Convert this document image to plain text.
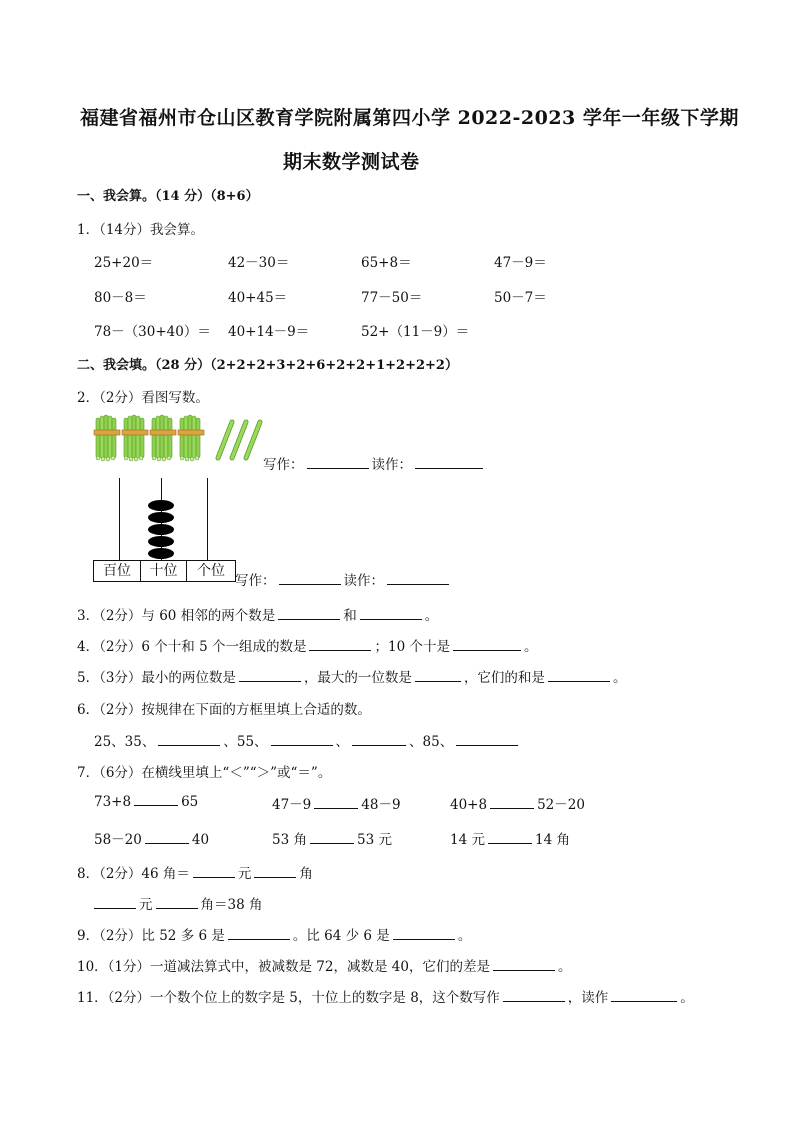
福建省福州市仓山区教育学院附属第四小学 2022-2023 学年一年级下学期
期末数学测试卷
一、我会算。（14 分）（8+6）
1．（14分）我会算。
25+20＝	42－30＝	65+8＝	47－9＝
80－8＝	40+45＝	77－50＝	50－7＝
78－（30+40）＝ 40+14－9＝	52+（11－9）＝
二、我会填。（28 分）（2+2+2+3+2+6+2+2+1+2+2+2）
2．（2分）看图写数。
写作：	读作：
百位	十位	个位
写作：	读作：
3．（2分）与 60 相邻的两个数是	和	。
4．（2分）6 个十和 5 个一组成的数是	；10 个十是	。
5．（3分）最小的两位数是	，最大的一位数是	，它们的和是	。
6．（2分）按规律在下面的方框里填上合适的数。
25、35、	、55、	、	、85、
7．（6分）在横线里填上“＜”“＞”或“＝”。
73+8	65	47－9	48－9	40+8	52－20
58－20	40	53 角	53 元	14 元	14 角
8．（2分）46 角＝	元	角
元	角＝38 角
9．（2分）比 52 多 6 是	。比 64 少 6 是	。
10．（1分）一道减法算式中，被减数是 72，减数是 40，它们的差是	。
11．（2分）一个数个位上的数字是 5，十位上的数字是 8，这个数写作	，读作	。
